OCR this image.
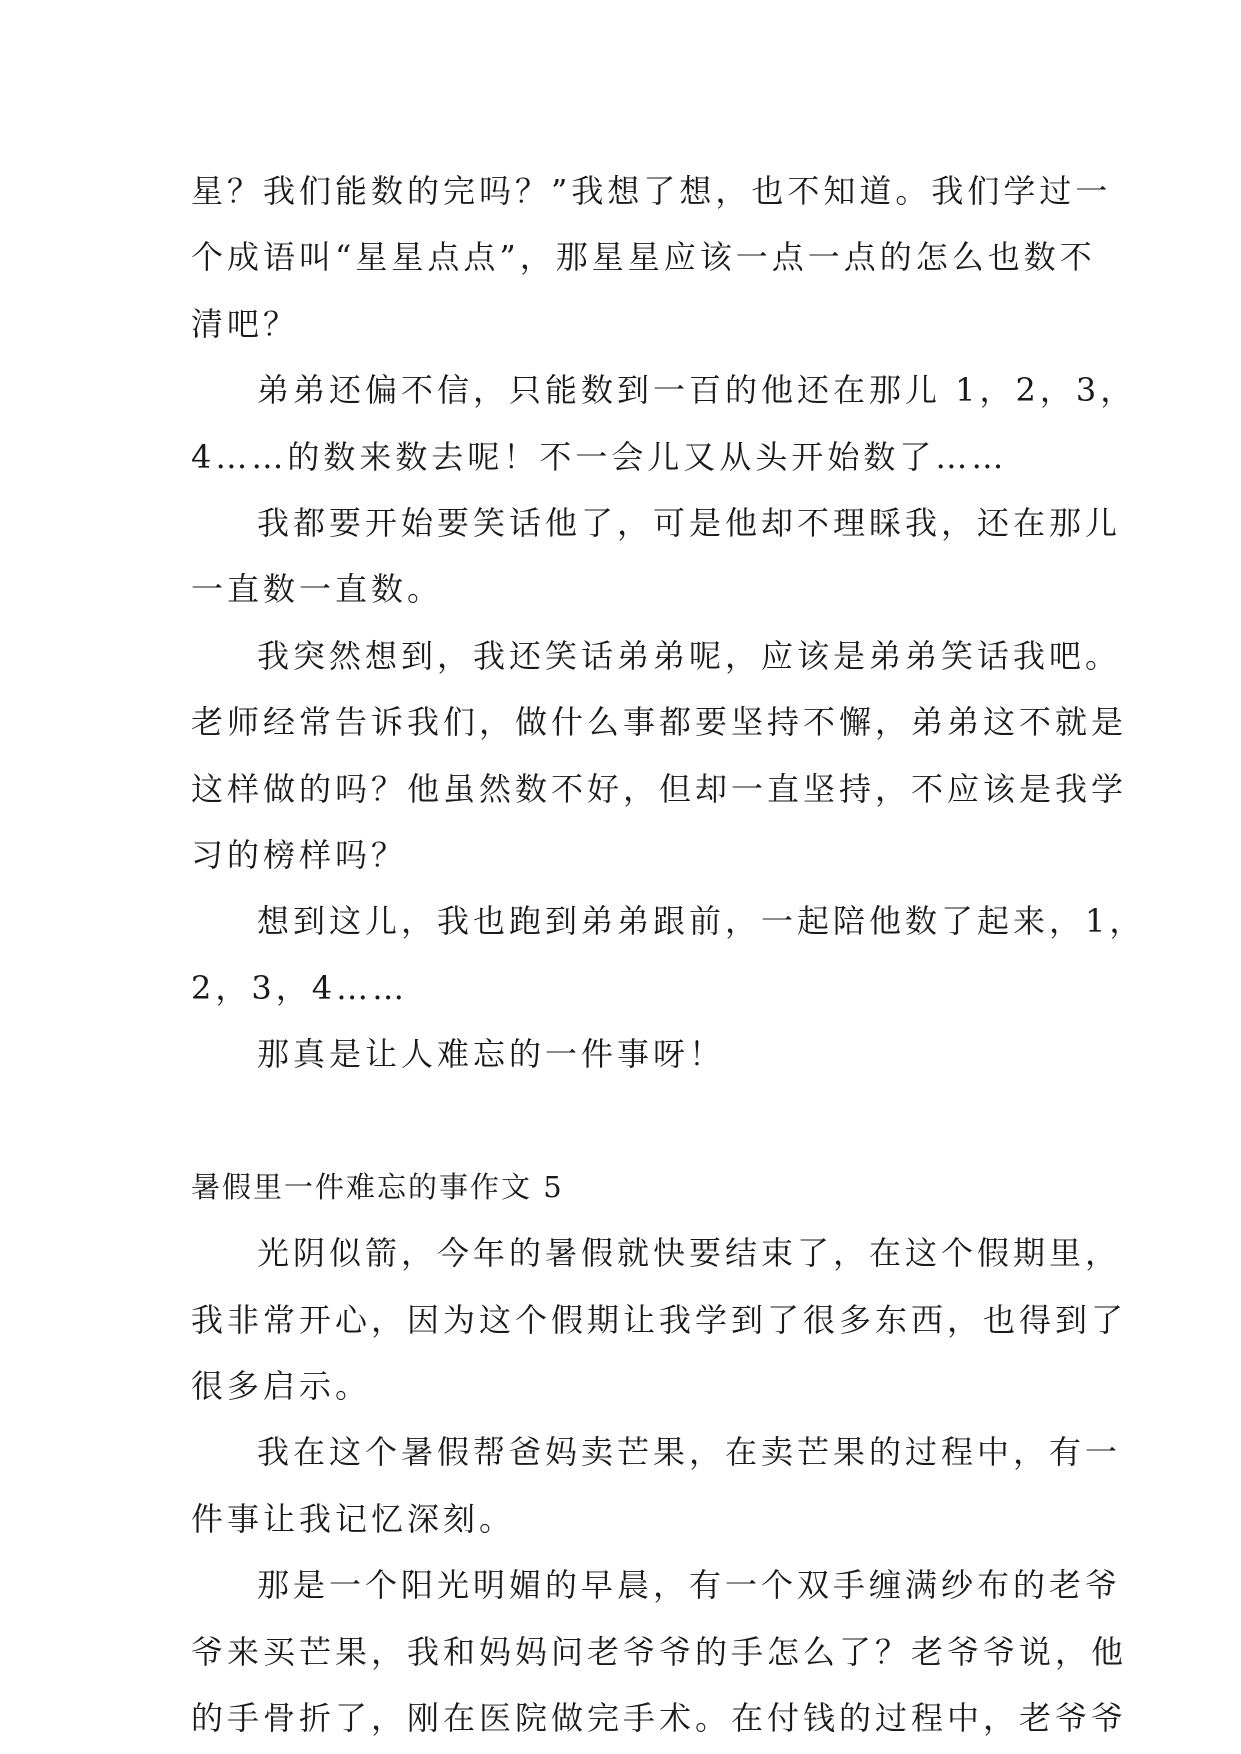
星？我们能数的完吗？”我想了想，也不知道。我们学过一

个成语叫“星星点点”，那星星应该一点一点的怎么也数不

清吧？

弟弟还偏不信，只能数到一百的他还在那儿 1，2，3，

4……的数来数去呢！不一会儿又从头开始数了……

我都要开始要笑话他了，可是他却不理睬我，还在那儿

一直数一直数。

我突然想到，我还笑话弟弟呢，应该是弟弟笑话我吧。

老师经常告诉我们，做什么事都要坚持不懈，弟弟这不就是

这样做的吗？他虽然数不好，但却一直坚持，不应该是我学

习的榜样吗？

想到这儿，我也跑到弟弟跟前，一起陪他数了起来，1，

2，3，4……

那真是让人难忘的一件事呀！

暑假里一件难忘的事作文 5

光阴似箭，今年的暑假就快要结束了，在这个假期里，

我非常开心，因为这个假期让我学到了很多东西，也得到了

很多启示。

我在这个暑假帮爸妈卖芒果，在卖芒果的过程中，有一

件事让我记忆深刻。

那是一个阳光明媚的早晨，有一个双手缠满纱布的老爷

爷来买芒果，我和妈妈问老爷爷的手怎么了？老爷爷说，他

的手骨折了，刚在医院做完手术。在付钱的过程中，老爷爷
